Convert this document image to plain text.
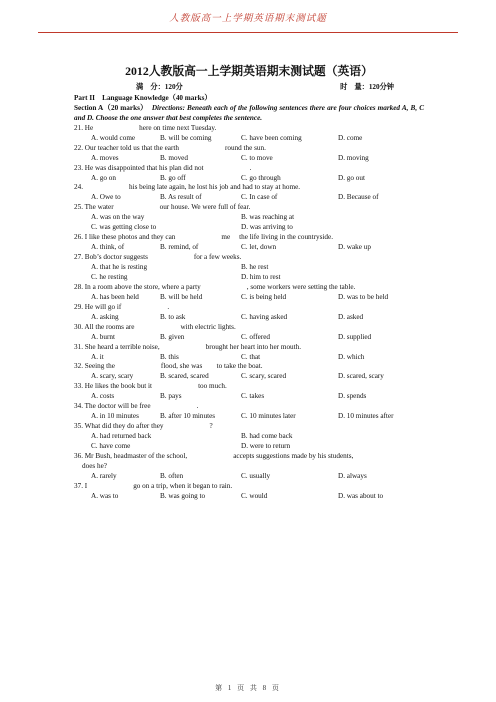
人教版高一上学期英语期末测试题
2012人教版高一上学期英语期末测试题（英语）
满　分：120分	时　量：120分钟
Part II　Language Knowledge（40 marks）
Section A（20 marks） Directions: Beneath each of the following sentences there are four choices marked A, B, C and D. Choose the one answer that best completes the sentence.
21. He	here on time next Tuesday.
A. would come	B. will be coming	C. have been coming	D. come
22. Our teacher told us that the earth	round the sun.
A. moves	B. moved	C. to move	D. moving
23. He was disappointed that his plan did not	.
A. go on	B. go off	C. go through	D. go out
24.	his being late again, he lost his job and had to stay at home.
A. Owe to	B. As result of	C. In case of	D. Because of
25. The water	our house. We were full of fear.
A. was on the way	B. was reaching at
C. was getting close to	D. was arriving to
26. I like these photos and they can	me     the life living in the countryside.
A. think, of	B. remind, of	C. let, down	D. wake up
27. Bob’s doctor suggests	for a few weeks.
A. that he is resting	B. he rest
C. he resting	D. him to rest
28. In a room above the store, where a party	, some workers were setting the table.
A. has been held	B. will be held	C. is being held	D. was to be held
29. He will go if	.
A. asking	B. to ask	C. having asked	D. asked
30. All the rooms are	with electric lights.
A. burnt	B. given	C. offered	D. supplied
31. She heard a terrible noise,	brought her heart into her mouth.
A. it	B. this	C. that	D. which
32. Seeing the	flood, she was        to take the boat.
A. scary, scary	B. scared, scared	C. scary, scared	D. scared, scary
33. He likes the book but it	too much.
A. costs	B. pays	C. takes	D. spends
34. The doctor will be free	.
A. in 10 minutes	B. after 10 minutes	C. 10 minutes later	D. 10 minutes after
35. What did they do after they	?
A. had returned back	B. had come back
C. have come	D. were to return
36. Mr Bush, headmaster of the school,	accepts suggestions made by his students,
does he?
A. rarely	B. often	C. usually	D. always
37. I	go on a trip, when it began to rain.
A. was to	B. was going to	C. would	D. was about to
第 1 页 共 8 页
